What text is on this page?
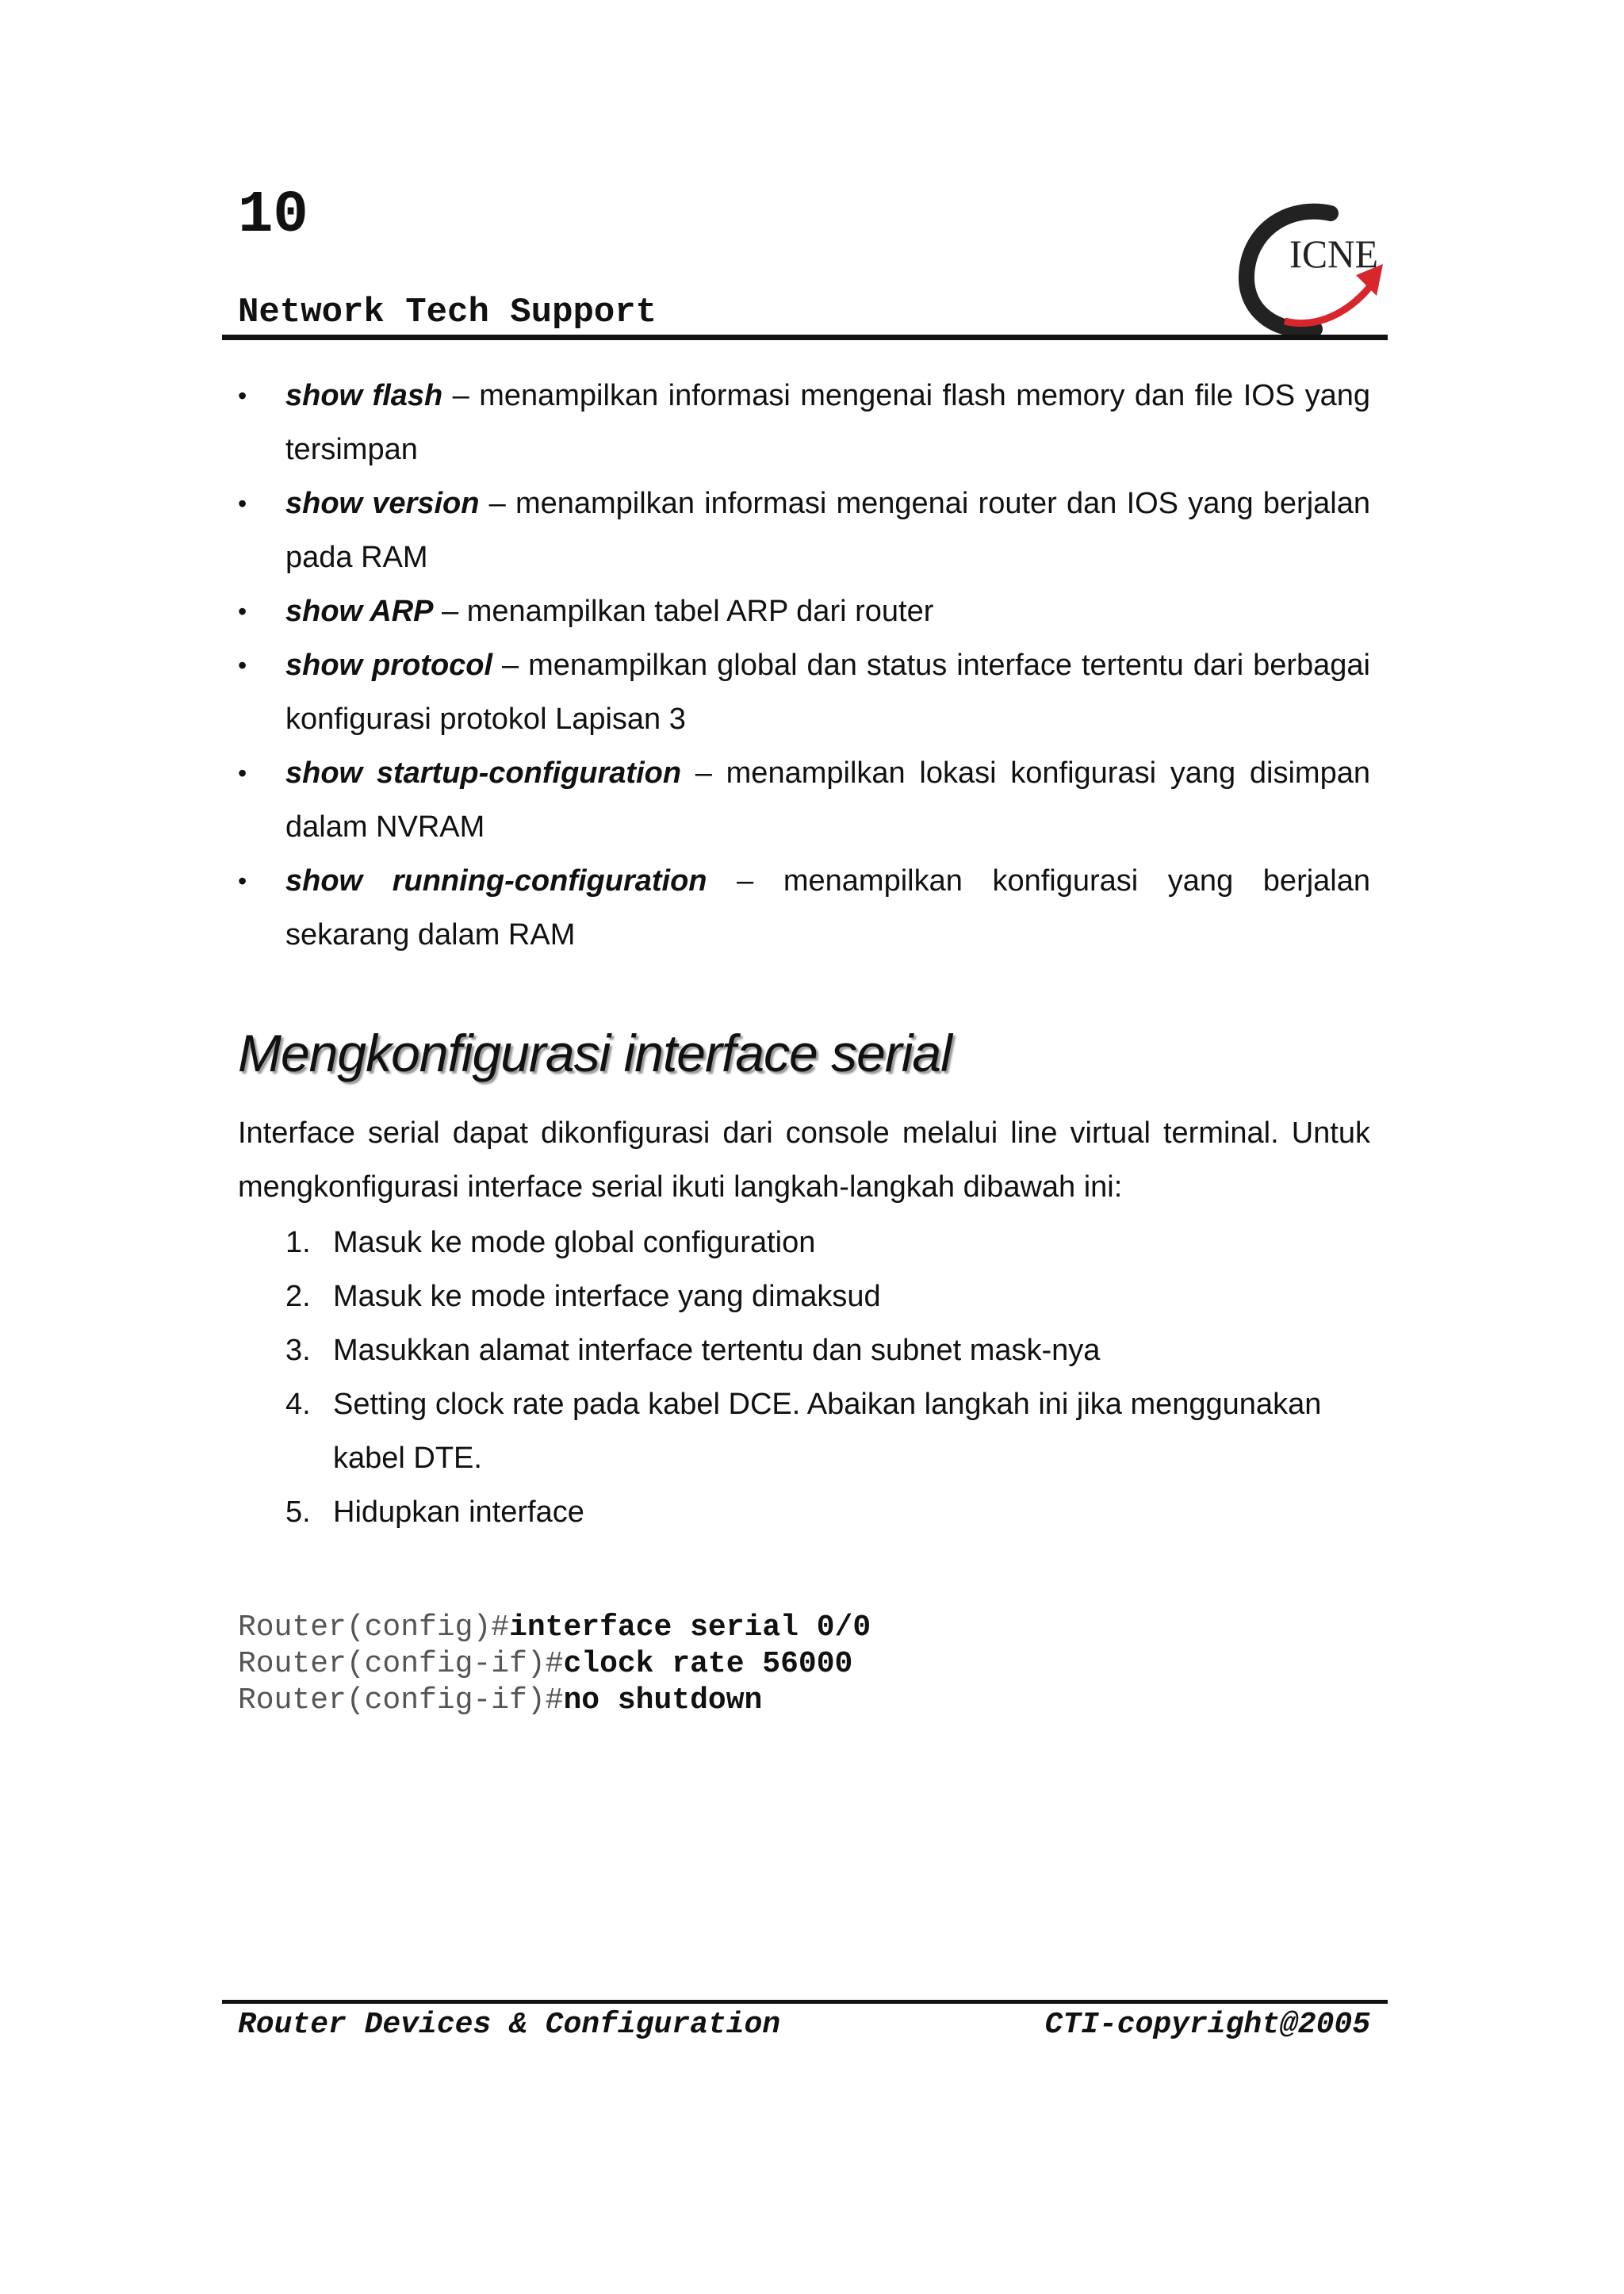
10
Network Tech Support
ICNE
• show flash – menampilkan informasi mengenai flash memory dan file IOS yang tersimpan
• show version – menampilkan informasi mengenai router dan IOS yang berjalan pada RAM
• show ARP – menampilkan tabel ARP dari router
• show protocol – menampilkan global dan status interface tertentu dari berbagai konfigurasi protokol Lapisan 3
• show startup-configuration – menampilkan lokasi konfigurasi yang disimpan dalam NVRAM
• show running-configuration – menampilkan konfigurasi yang berjalan sekarang dalam RAM
Mengkonfigurasi interface serial

Interface serial dapat dikonfigurasi dari console melalui line virtual terminal. Untuk mengkonfigurasi interface serial ikuti langkah-langkah dibawah ini:

1. Masuk ke mode global configuration
2. Masuk ke mode interface yang dimaksud
3. Masukkan alamat interface tertentu dan subnet mask-nya
4. Setting clock rate pada kabel DCE. Abaikan langkah ini jika menggunakan kabel DTE.
5. Hidupkan interface
Router(config)#interface serial 0/0
Router(config-if)#clock rate 56000
Router(config-if)#no shutdown
Router Devices & Configuration	CTI-copyright@2005
